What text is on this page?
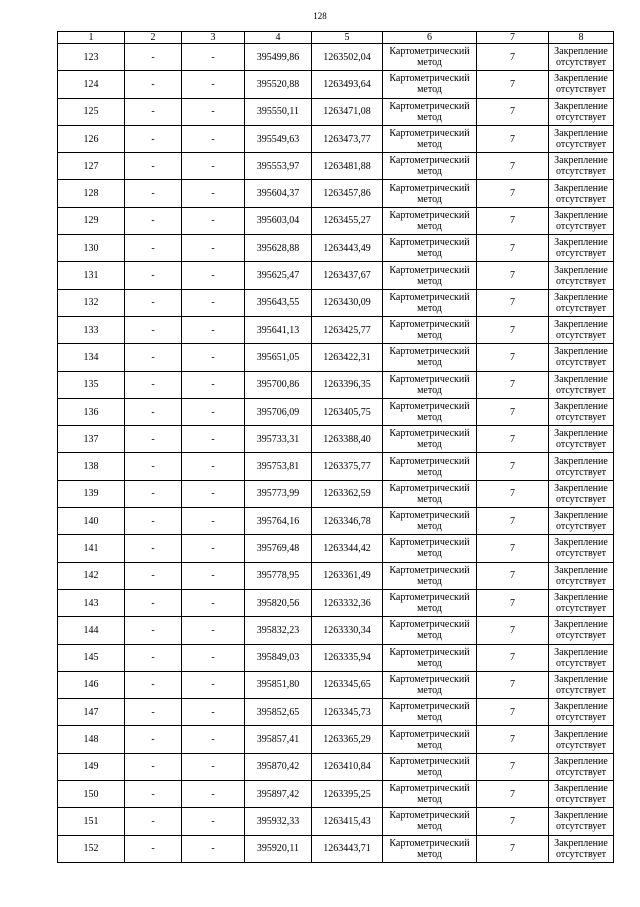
128
1	2	3	4	5	6	7	8
123	-	-	395499,86	1263502,04	Картометрический
метод	7	Закрепление
отсутствует

124	-	-	395520,88	1263493,64	Картометрический
метод	7	Закрепление
отсутствует

125	-	-	395550,11	1263471,08	Картометрический
метод	7	Закрепление
отсутствует

126	-	-	395549,63	1263473,77	Картометрический
метод	7	Закрепление
отсутствует

127	-	-	395553,97	1263481,88	Картометрический
метод	7	Закрепление
отсутствует

128	-	-	395604,37	1263457,86	Картометрический
метод	7	Закрепление
отсутствует

129	-	-	395603,04	1263455,27	Картометрический
метод	7	Закрепление
отсутствует

130	-	-	395628,88	1263443,49	Картометрический
метод	7	Закрепление
отсутствует

131	-	-	395625,47	1263437,67	Картометрический
метод	7	Закрепление
отсутствует

132	-	-	395643,55	1263430,09	Картометрический
метод	7	Закрепление
отсутствует

133	-	-	395641,13	1263425,77	Картометрический
метод	7	Закрепление
отсутствует

134	-	-	395651,05	1263422,31	Картометрический
метод	7	Закрепление
отсутствует

135	-	-	395700,86	1263396,35	Картометрический
метод	7	Закрепление
отсутствует

136	-	-	395706,09	1263405,75	Картометрический
метод	7	Закрепление
отсутствует

137	-	-	395733,31	1263388,40	Картометрический
метод	7	Закрепление
отсутствует

138	-	-	395753,81	1263375,77	Картометрический
метод	7	Закрепление
отсутствует

139	-	-	395773,99	1263362,59	Картометрический
метод	7	Закрепление
отсутствует

140	-	-	395764,16	1263346,78	Картометрический
метод	7	Закрепление
отсутствует

141	-	-	395769,48	1263344,42	Картометрический
метод	7	Закрепление
отсутствует

142	-	-	395778,95	1263361,49	Картометрический
метод	7	Закрепление
отсутствует

143	-	-	395820,56	1263332,36	Картометрический
метод	7	Закрепление
отсутствует

144	-	-	395832,23	1263330,34	Картометрический
метод	7	Закрепление
отсутствует

145	-	-	395849,03	1263335,94	Картометрический
метод	7	Закрепление
отсутствует

146	-	-	395851,80	1263345,65	Картометрический
метод	7	Закрепление
отсутствует

147	-	-	395852,65	1263345,73	Картометрический
метод	7	Закрепление
отсутствует

148	-	-	395857,41	1263365,29	Картометрический
метод	7	Закрепление
отсутствует

149	-	-	395870,42	1263410,84	Картометрический
метод	7	Закрепление
отсутствует

150	-	-	395897,42	1263395,25	Картометрический
метод	7	Закрепление
отсутствует

151	-	-	395932,33	1263415,43	Картометрический
метод	7	Закрепление
отсутствует

152	-	-	395920,11	1263443,71	Картометрический
метод	7	Закрепление
отсутствует
